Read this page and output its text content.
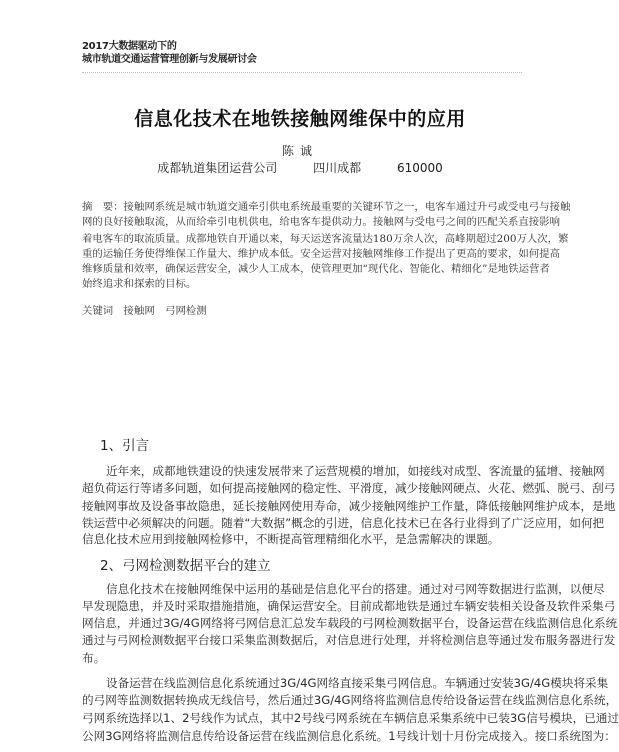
2017大数据驱动下的
城市轨道交通运营管理创新与发展研讨会
信息化技术在地铁接触网维保中的应用
陈诚
成都轨道集团运营公司	四川成都	610000
摘　要：接触网系统是城市轨道交通牵引供电系统最重要的关键环节之一，电客车通过升弓或受电弓与接触
网的良好接触取流，从而给牵引电机供电，给电客车提供动力。接触网与受电弓之间的匹配关系直接影响
着电客车的取流质量。成都地铁自开通以来，每天运送客流量达180万余人次，高峰期超过200万人次，繁
重的运输任务使得维保工作量大、维护成本低。安全运营对接触网维修工作提出了更高的要求，如何提高
维修质量和效率，确保运营安全，减少人工成本，使管理更加“现代化、智能化、精细化”是地铁运营者
始终追求和探索的目标。
关键词　接触网　弓网检测
1、引言
近年来，成都地铁建设的快速发展带来了运营规模的增加，如接线对成型、客流量的猛增、接触网
超负荷运行等诸多问题，如何提高接触网的稳定性、平滑度，减少接触网硬点、火花、燃弧、脱弓、刮弓
接触网事故及设备事故隐患，延长接触网使用寿命，减少接触网维护工作量，降低接触网维护成本，是地
铁运营中必须解决的问题。随着“大数据”概念的引进，信息化技术已在各行业得到了广泛应用，如何把
信息化技术应用到接触网检修中，不断提高管理精细化水平，是急需解决的课题。
2、弓网检测数据平台的建立
信息化技术在接触网维保中运用的基础是信息化平台的搭建。通过对弓网等数据进行监测，以便尽
早发现隐患，并及时采取措施措施，确保运营安全。目前成都地铁是通过车辆安装相关设备及软件采集弓
网信息，并通过3G/4G网络将弓网信息汇总发车载段的弓网检测数据平台，设备运营在线监测信息化系统
通过与弓网检测数据平台接口采集监测数据后，对信息进行处理，并将检测信息等通过发布服务器进行发
布。
设备运营在线监测信息化系统通过3G/4G网络直接采集弓网信息。车辆通过安装3G/4G模块将采集
的弓网等监测数据转换成无线信号，然后通过3G/4G网络将监测信息传给设备运营在线监测信息化系统，
弓网系统选择以1、2号线作为试点，其中2号线弓网系统在车辆信息采集系统中已装3G信号模块，已通过
公网3G网络将监测信息传给设备运营在线监测信息化系统。1号线计划十月份完成接入。接口系统图为：
